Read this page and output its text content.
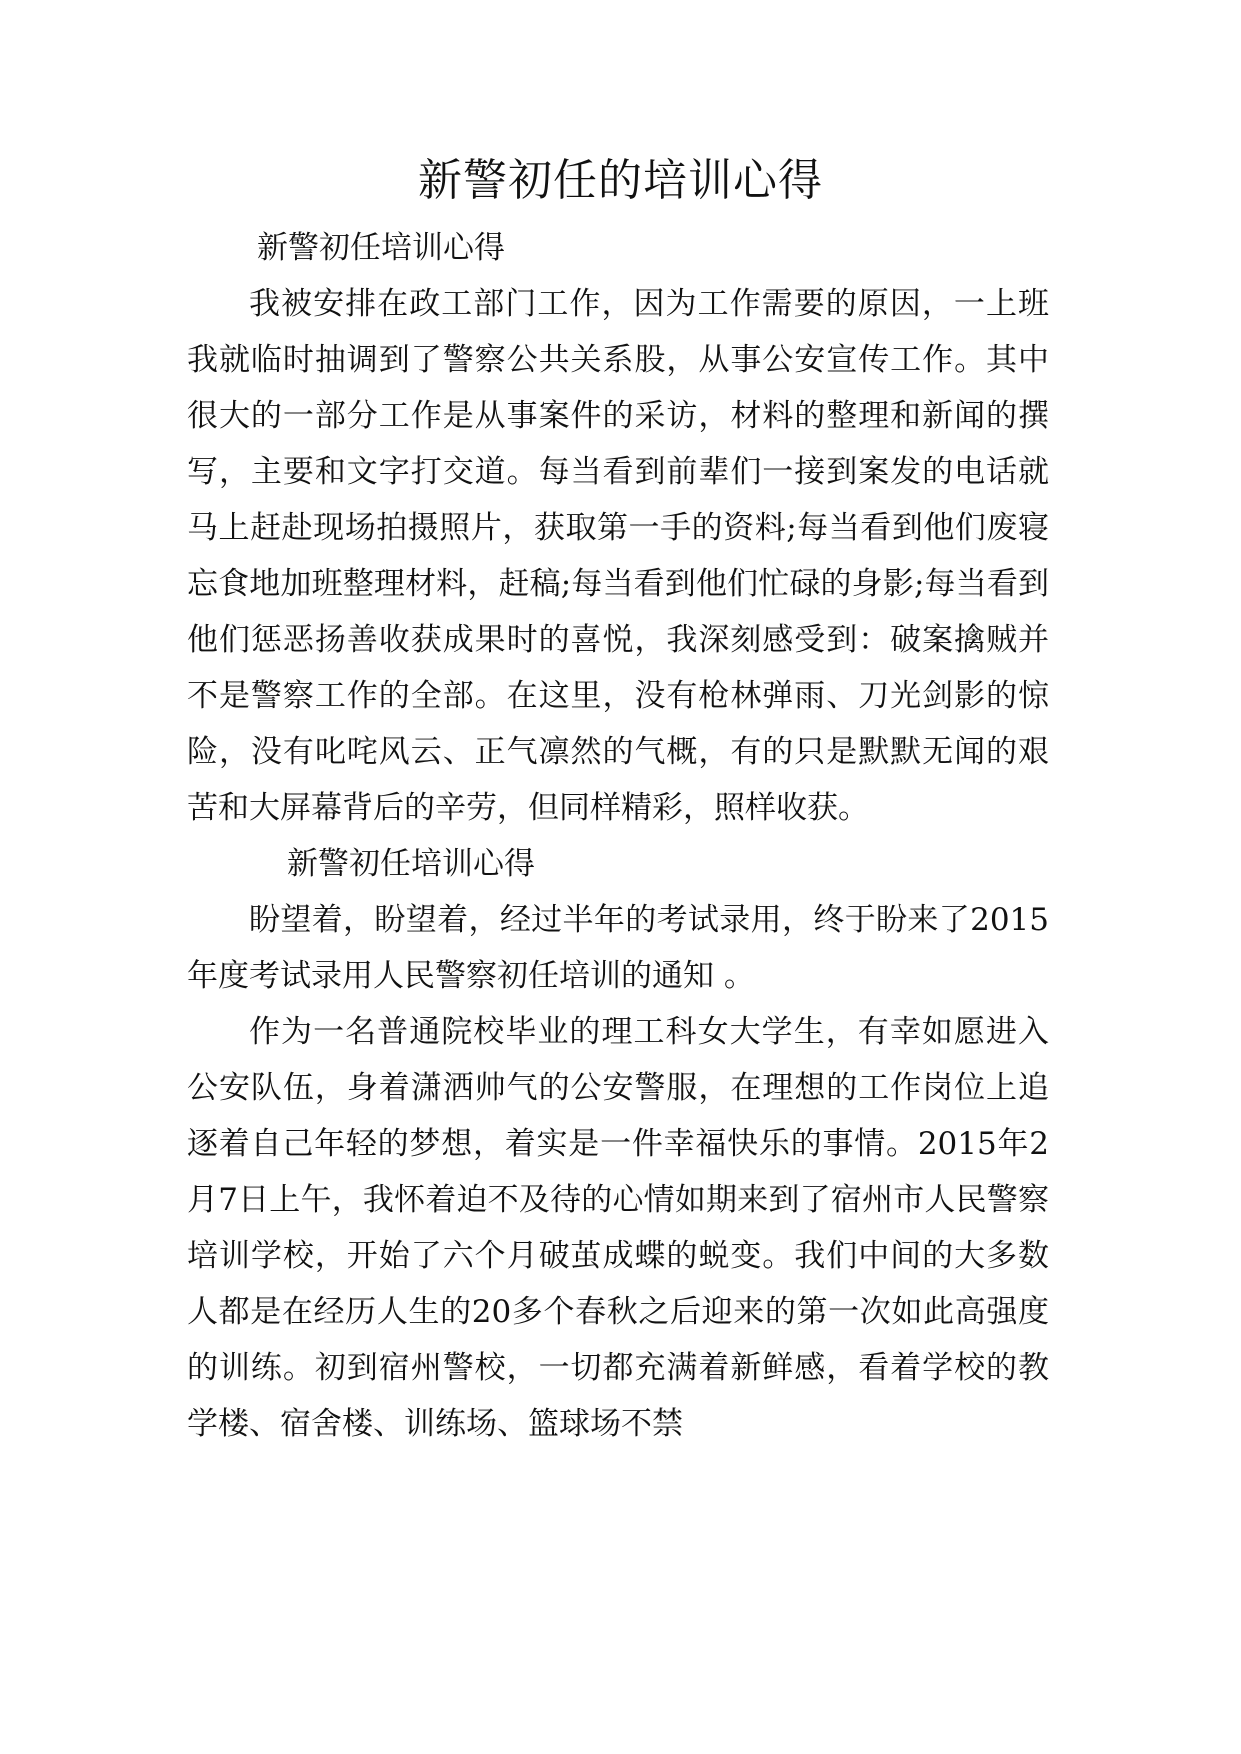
新警初任的培训心得

新警初任培训心得

我被安排在政工部门工作，因为工作需要的原因，一上班我就临时抽调到了警察公共关系股，从事公安宣传工作。其中很大的一部分工作是从事案件的采访，材料的整理和新闻的撰写，主要和文字打交道。每当看到前辈们一接到案发的电话就马上赶赴现场拍摄照片，获取第一手的资料;每当看到他们废寝忘食地加班整理材料，赶稿;每当看到他们忙碌的身影;每当看到他们惩恶扬善收获成果时的喜悦，我深刻感受到：破案擒贼并不是警察工作的全部。在这里，没有枪林弹雨、刀光剑影的惊险，没有叱咤风云、正气凛然的气概，有的只是默默无闻的艰苦和大屏幕背后的辛劳，但同样精彩，照样收获。

新警初任培训心得

盼望着，盼望着，经过半年的考试录用，终于盼来了2015年度考试录用人民警察初任培训的通知 。

作为一名普通院校毕业的理工科女大学生，有幸如愿进入公安队伍，身着潇洒帅气的公安警服，在理想的工作岗位上追逐着自己年轻的梦想，着实是一件幸福快乐的事情。2015年2月7日上午，我怀着迫不及待的心情如期来到了宿州市人民警察培训学校，开始了六个月破茧成蝶的蜕变。我们中间的大多数人都是在经历人生的20多个春秋之后迎来的第一次如此高强度的训练。初到宿州警校，一切都充满着新鲜感，看着学校的教学楼、宿舍楼、训练场、篮球场不禁
